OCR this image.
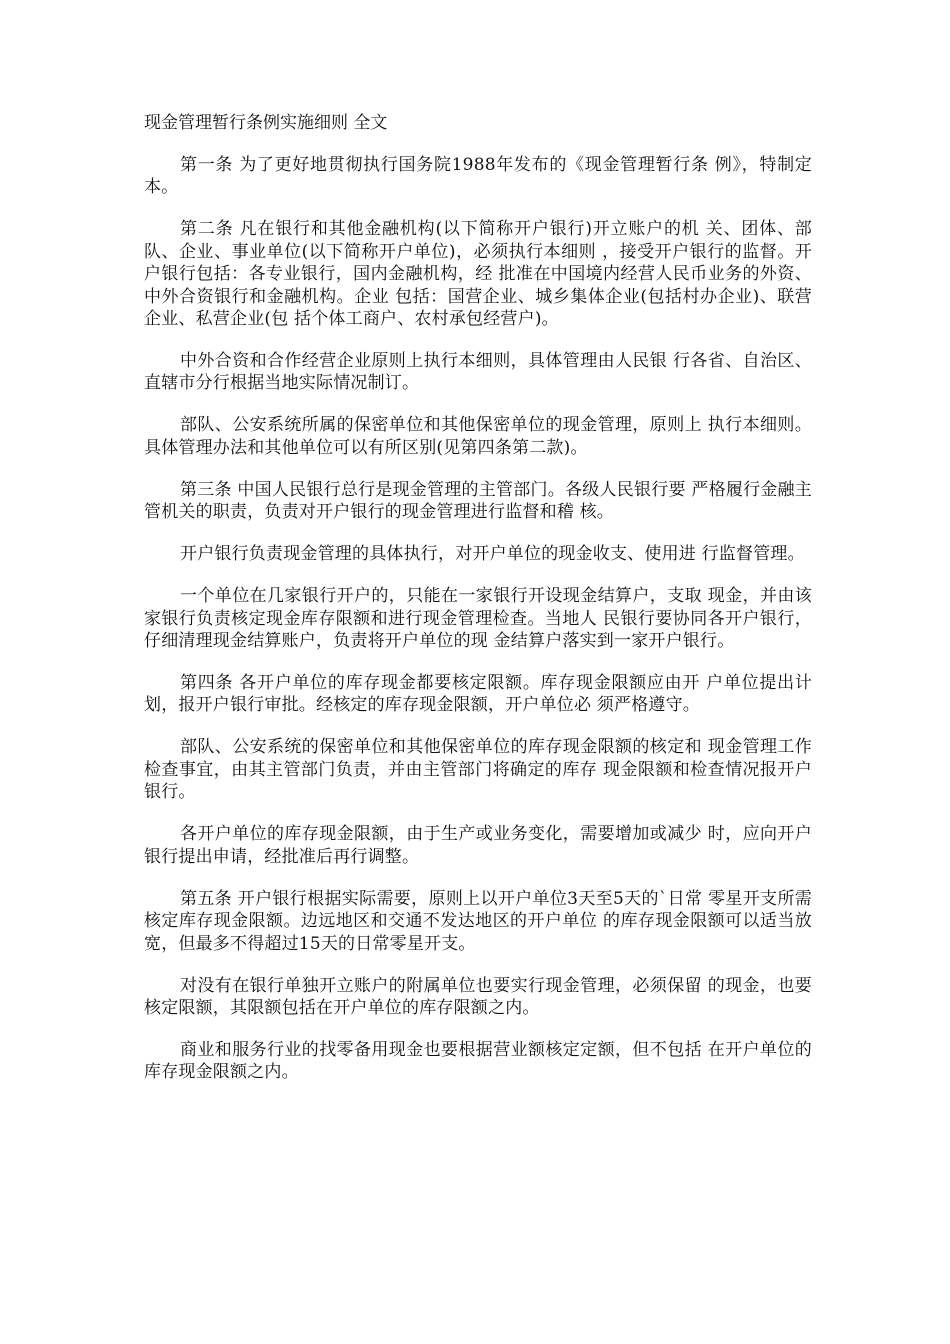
现金管理暂行条例实施细则 全文

第一条 为了更好地贯彻执行国务院1988年发布的《现金管理暂行条 例》，特制定本。

第二条 凡在银行和其他金融机构(以下简称开户银行)开立账户的机 关、团体、部队、企业、事业单位(以下简称开户单位)，必须执行本细则 ，接受开户银行的监督。开户银行包括：各专业银行，国内金融机构，经 批准在中国境内经营人民币业务的外资、中外合资银行和金融机构。企业 包括：国营企业、城乡集体企业(包括村办企业)、联营企业、私营企业(包 括个体工商户、农村承包经营户)。

中外合资和合作经营企业原则上执行本细则，具体管理由人民银 行各省、自治区、直辖市分行根据当地实际情况制订。

部队、公安系统所属的保密单位和其他保密单位的现金管理，原则上 执行本细则。具体管理办法和其他单位可以有所区别(见第四条第二款)。

第三条 中国人民银行总行是现金管理的主管部门。各级人民银行要 严格履行金融主管机关的职责，负责对开户银行的现金管理进行监督和稽 核。

开户银行负责现金管理的具体执行，对开户单位的现金收支、使用进 行监督管理。

一个单位在几家银行开户的，只能在一家银行开设现金结算户，支取 现金，并由该家银行负责核定现金库存限额和进行现金管理检查。当地人 民银行要协同各开户银行，仔细清理现金结算账户，负责将开户单位的现 金结算户落实到一家开户银行。

第四条 各开户单位的库存现金都要核定限额。库存现金限额应由开 户单位提出计划，报开户银行审批。经核定的库存现金限额，开户单位必 须严格遵守。

部队、公安系统的保密单位和其他保密单位的库存现金限额的核定和 现金管理工作检查事宜，由其主管部门负责，并由主管部门将确定的库存 现金限额和检查情况报开户银行。

各开户单位的库存现金限额，由于生产或业务变化，需要增加或减少 时，应向开户银行提出申请，经批准后再行调整。

第五条 开户银行根据实际需要，原则上以开户单位3天至5天的`日常 零星开支所需核定库存现金限额。边远地区和交通不发达地区的开户单位 的库存现金限额可以适当放宽，但最多不得超过15天的日常零星开支。

对没有在银行单独开立账户的附属单位也要实行现金管理，必须保留 的现金，也要核定限额，其限额包括在开户单位的库存限额之内。

商业和服务行业的找零备用现金也要根据营业额核定定额，但不包括 在开户单位的库存现金限额之内。
